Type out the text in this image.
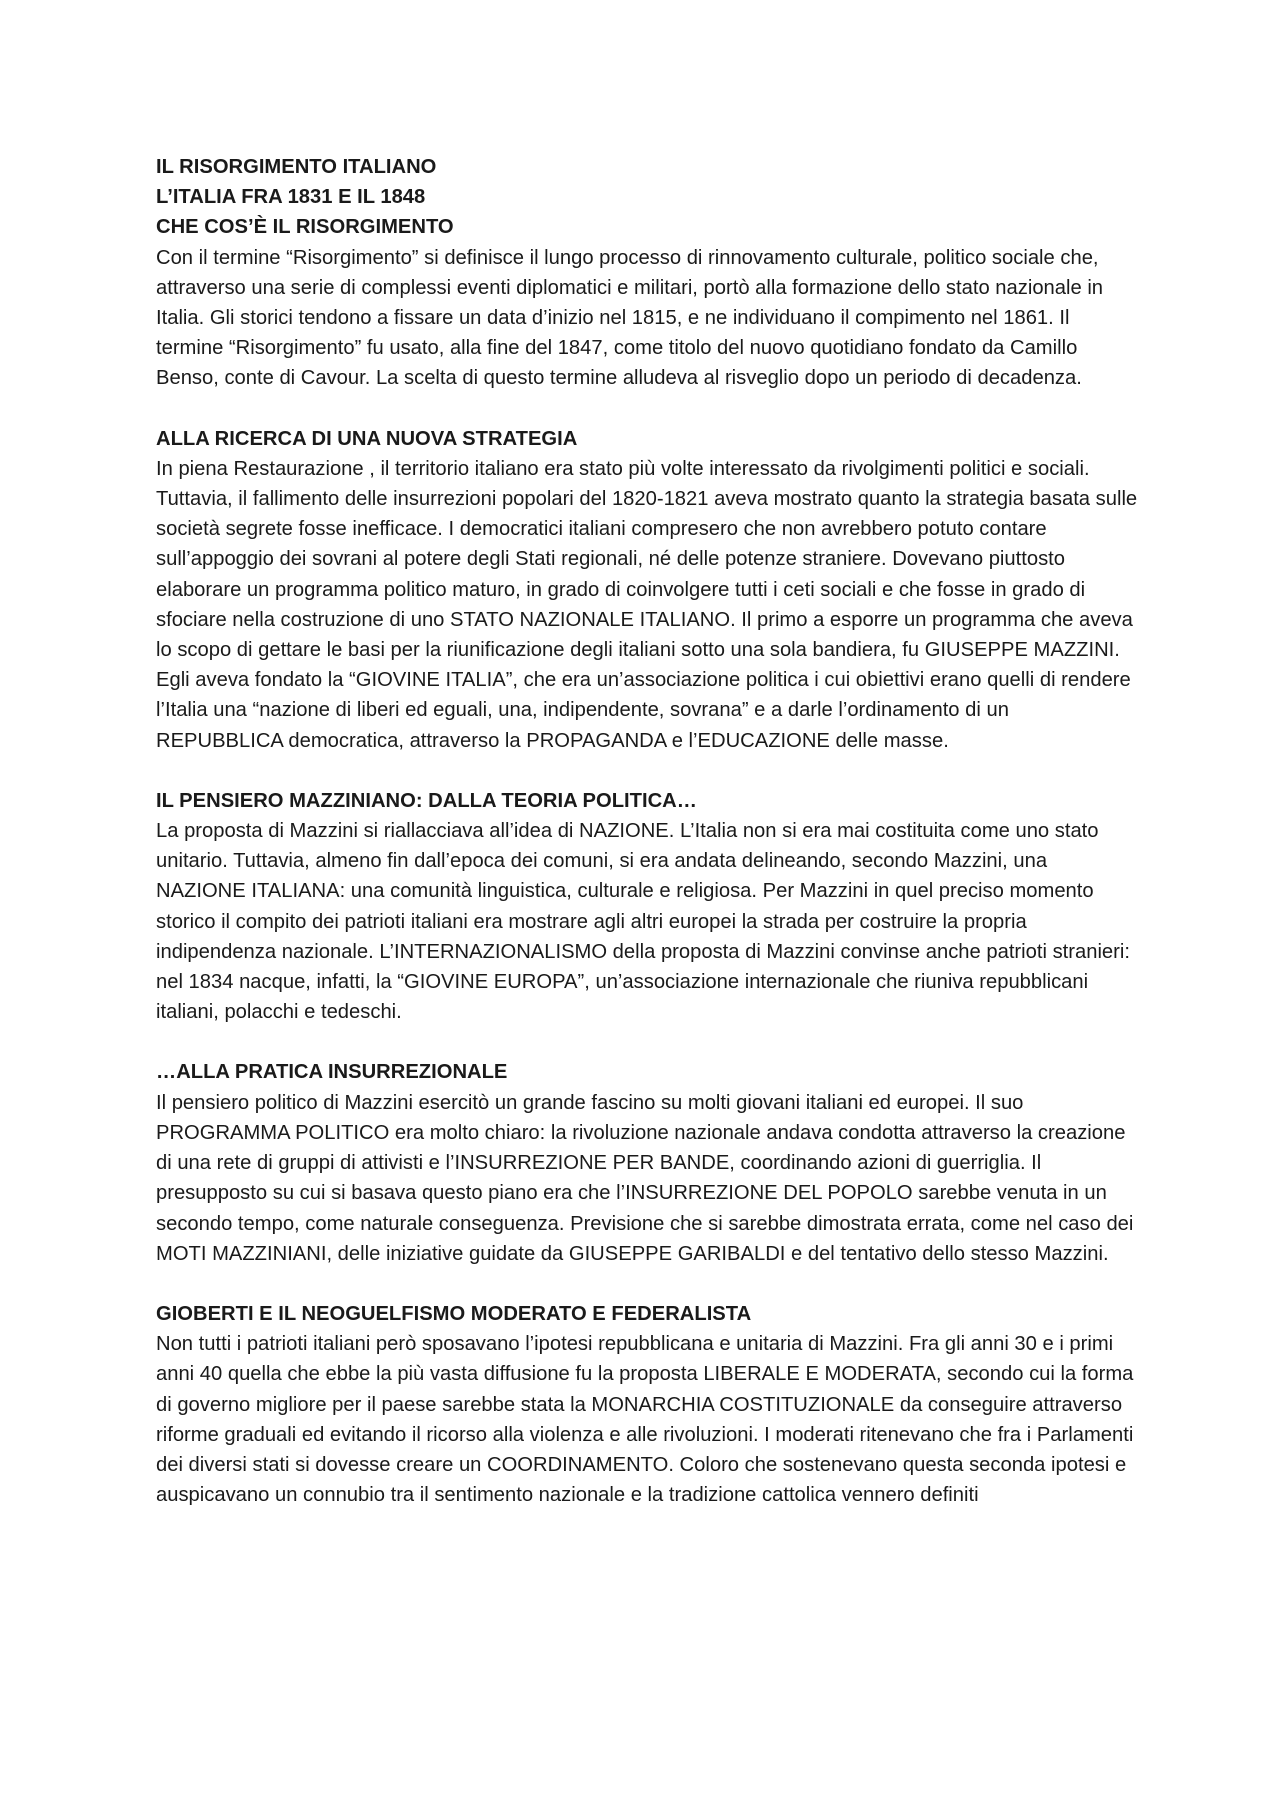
IL RISORGIMENTO ITALIANO

L’ITALIA FRA 1831 E IL 1848

CHE COS’È IL RISORGIMENTO

Con il termine “Risorgimento” si definisce il lungo processo di rinnovamento culturale, politico sociale che, attraverso una serie di complessi eventi diplomatici e militari, portò alla formazione dello stato nazionale in Italia. Gli storici tendono a fissare un data d’inizio nel 1815, e ne individuano il compimento nel 1861. Il termine “Risorgimento” fu usato, alla fine del 1847, come titolo del nuovo quotidiano fondato da Camillo Benso, conte di Cavour. La scelta di questo termine alludeva al risveglio dopo un periodo di decadenza.

ALLA RICERCA DI UNA NUOVA STRATEGIA

In piena Restaurazione , il territorio italiano era stato più volte interessato da rivolgimenti politici e sociali. Tuttavia, il fallimento delle insurrezioni popolari del 1820-1821 aveva mostrato quanto la strategia basata sulle società segrete fosse inefficace. I democratici italiani compresero che non avrebbero potuto contare sull’appoggio dei sovrani al potere degli Stati regionali, né delle potenze straniere. Dovevano piuttosto elaborare un programma politico maturo, in grado di coinvolgere tutti i ceti sociali e che fosse in grado di sfociare nella costruzione di uno STATO NAZIONALE ITALIANO. Il primo a esporre un programma che aveva lo scopo di gettare le basi per la riunificazione degli italiani sotto una sola bandiera, fu GIUSEPPE MAZZINI. Egli aveva fondato la “GIOVINE ITALIA”, che era un’associazione politica i cui obiettivi erano quelli di rendere l’Italia una “nazione di liberi ed eguali, una, indipendente, sovrana” e a darle l’ordinamento di un REPUBBLICA democratica, attraverso la PROPAGANDA e l’EDUCAZIONE delle masse.

IL PENSIERO MAZZINIANO: DALLA TEORIA POLITICA…

La proposta di Mazzini si riallacciava all’idea di NAZIONE. L’Italia non si era mai costituita come uno stato unitario. Tuttavia, almeno fin dall’epoca dei comuni, si era andata delineando, secondo Mazzini, una NAZIONE ITALIANA: una comunità linguistica, culturale e religiosa. Per Mazzini in quel preciso momento storico il compito dei patrioti italiani era mostrare agli altri europei la strada per costruire la propria indipendenza nazionale. L’INTERNAZIONALISMO della proposta di Mazzini convinse anche patrioti stranieri: nel 1834 nacque, infatti, la “GIOVINE EUROPA”, un’associazione internazionale che riuniva repubblicani italiani, polacchi e tedeschi.

…ALLA PRATICA INSURREZIONALE

Il pensiero politico di Mazzini esercitò un grande fascino su molti giovani italiani ed europei. Il suo PROGRAMMA POLITICO era molto chiaro: la rivoluzione nazionale andava condotta attraverso la creazione di una rete di gruppi di attivisti e l’INSURREZIONE PER BANDE, coordinando azioni di guerriglia. Il presupposto su cui si basava questo piano era che l’INSURREZIONE DEL POPOLO sarebbe venuta in un secondo tempo, come naturale conseguenza. Previsione che si sarebbe dimostrata errata, come nel caso dei MOTI MAZZINIANI, delle iniziative guidate da GIUSEPPE GARIBALDI e del tentativo dello stesso Mazzini.

GIOBERTI E IL NEOGUELFISMO MODERATO E FEDERALISTA

Non tutti i patrioti italiani però sposavano l’ipotesi repubblicana e unitaria di Mazzini. Fra gli anni 30 e i primi anni 40 quella che ebbe la più vasta diffusione fu la proposta LIBERALE E MODERATA, secondo cui la forma di governo migliore per il paese sarebbe stata la MONARCHIA COSTITUZIONALE da conseguire attraverso riforme graduali ed evitando il ricorso alla violenza e alle rivoluzioni. I moderati ritenevano che fra i Parlamenti dei diversi stati si dovesse creare un COORDINAMENTO. Coloro che sostenevano questa seconda ipotesi e auspicavano un connubio tra il sentimento nazionale e la tradizione cattolica vennero definiti
